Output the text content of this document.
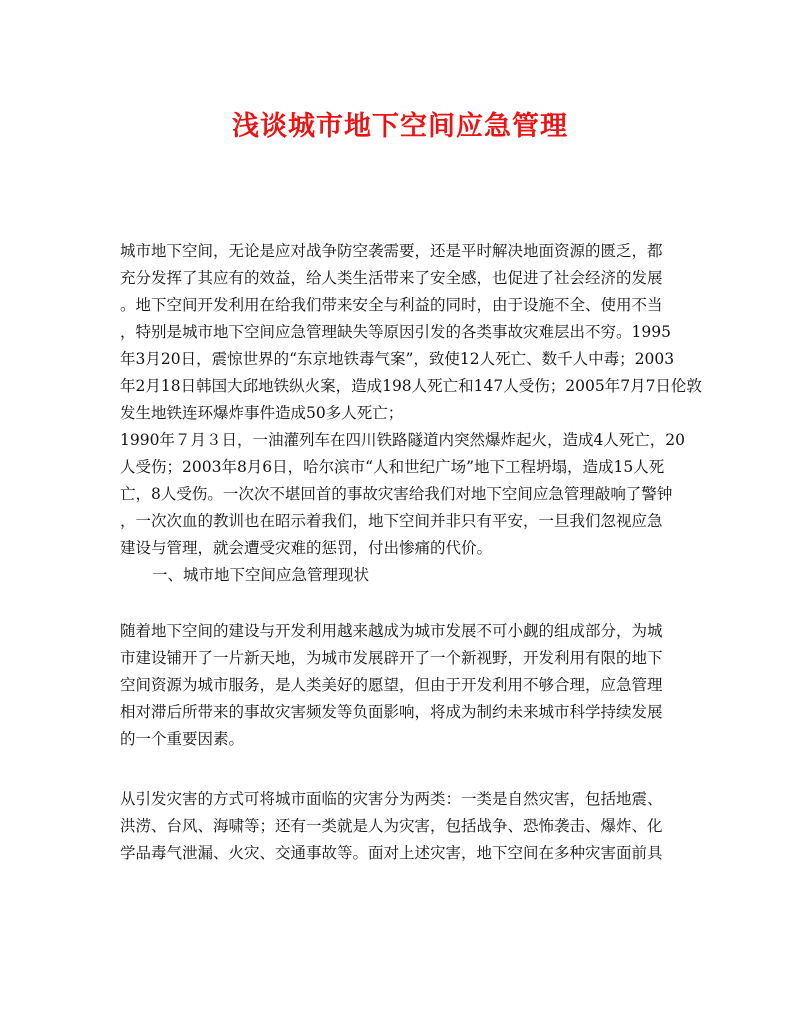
浅谈城市地下空间应急管理
城市地下空间，无论是应对战争防空袭需要，还是平时解决地面资源的匮乏，都
充分发挥了其应有的效益，给人类生活带来了安全感，也促进了社会经济的发展
。地下空间开发利用在给我们带来安全与利益的同时，由于设施不全、使用不当
，特别是城市地下空间应急管理缺失等原因引发的各类事故灾难层出不穷。1995
年3月20日，震惊世界的“东京地铁毒气案”，致使12人死亡、数千人中毒；2003
年2月18日韩国大邱地铁纵火案，造成198人死亡和147人受伤；2005年7月7日伦敦
发生地铁连环爆炸事件造成50多人死亡；
1990年７月３日，一油灌列车在四川铁路隧道内突然爆炸起火，造成4人死亡，20
人受伤；2003年8月6日，哈尔滨市“人和世纪广场”地下工程坍塌，造成15人死
亡，8人受伤。一次次不堪回首的事故灾害给我们对地下空间应急管理敲响了警钟
，一次次血的教训也在昭示着我们，地下空间并非只有平安，一旦我们忽视应急
建设与管理，就会遭受灾难的惩罚，付出惨痛的代价。
一、城市地下空间应急管理现状
随着地下空间的建设与开发利用越来越成为城市发展不可小觑的组成部分，为城
市建设铺开了一片新天地，为城市发展辟开了一个新视野，开发利用有限的地下
空间资源为城市服务，是人类美好的愿望，但由于开发利用不够合理，应急管理
相对滞后所带来的事故灾害频发等负面影响，将成为制约未来城市科学持续发展
的一个重要因素。
从引发灾害的方式可将城市面临的灾害分为两类：一类是自然灾害，包括地震、
洪涝、台风、海啸等；还有一类就是人为灾害，包括战争、恐怖袭击、爆炸、化
学品毒气泄漏、火灾、交通事故等。面对上述灾害，地下空间在多种灾害面前具
